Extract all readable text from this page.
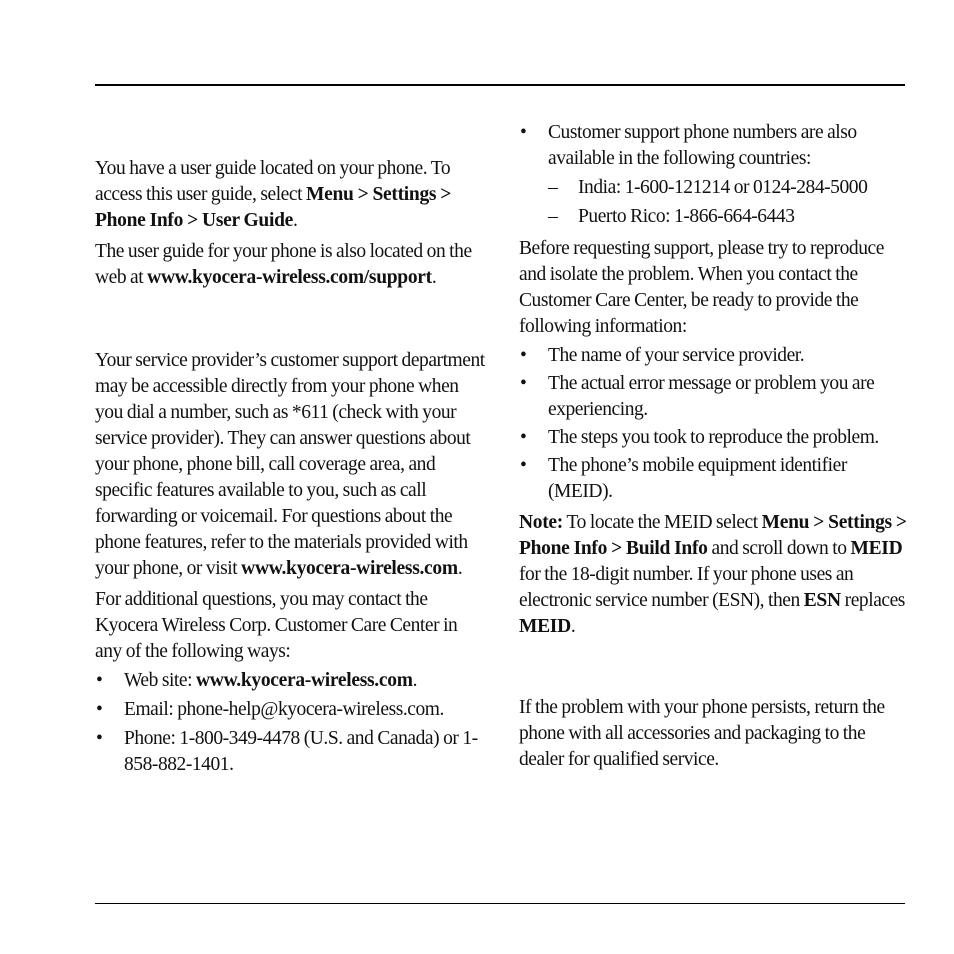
You have a user guide located on your phone. To access this user guide, select Menu > Settings > Phone Info > User Guide.

The user guide for your phone is also located on the web at www.kyocera-wireless.com/support.

Your service provider’s customer support department may be accessible directly from your phone when you dial a number, such as *611 (check with your service provider). They can answer questions about your phone, phone bill, call coverage area, and specific features available to you, such as call forwarding or voicemail. For questions about the phone features, refer to the materials provided with your phone, or visit www.kyocera-wireless.com.

For additional questions, you may contact the Kyocera Wireless Corp. Customer Care Center in any of the following ways:

• Web site: www.kyocera-wireless.com.
• Email: phone-help@kyocera-wireless.com.
• Phone: 1-800-349-4478 (U.S. and Canada) or 1-858-882-1401.
• Customer support phone numbers are also available in the following countries:
– India: 1-600-121214 or 0124-284-5000
– Puerto Rico: 1-866-664-6443

Before requesting support, please try to reproduce and isolate the problem. When you contact the Customer Care Center, be ready to provide the following information:

• The name of your service provider.
• The actual error message or problem you are experiencing.
• The steps you took to reproduce the problem.
• The phone’s mobile equipment identifier (MEID).

Note: To locate the MEID select Menu > Settings > Phone Info > Build Info and scroll down to MEID for the 18-digit number. If your phone uses an electronic service number (ESN), then ESN replaces MEID.

If the problem with your phone persists, return the phone with all accessories and packaging to the dealer for qualified service.
